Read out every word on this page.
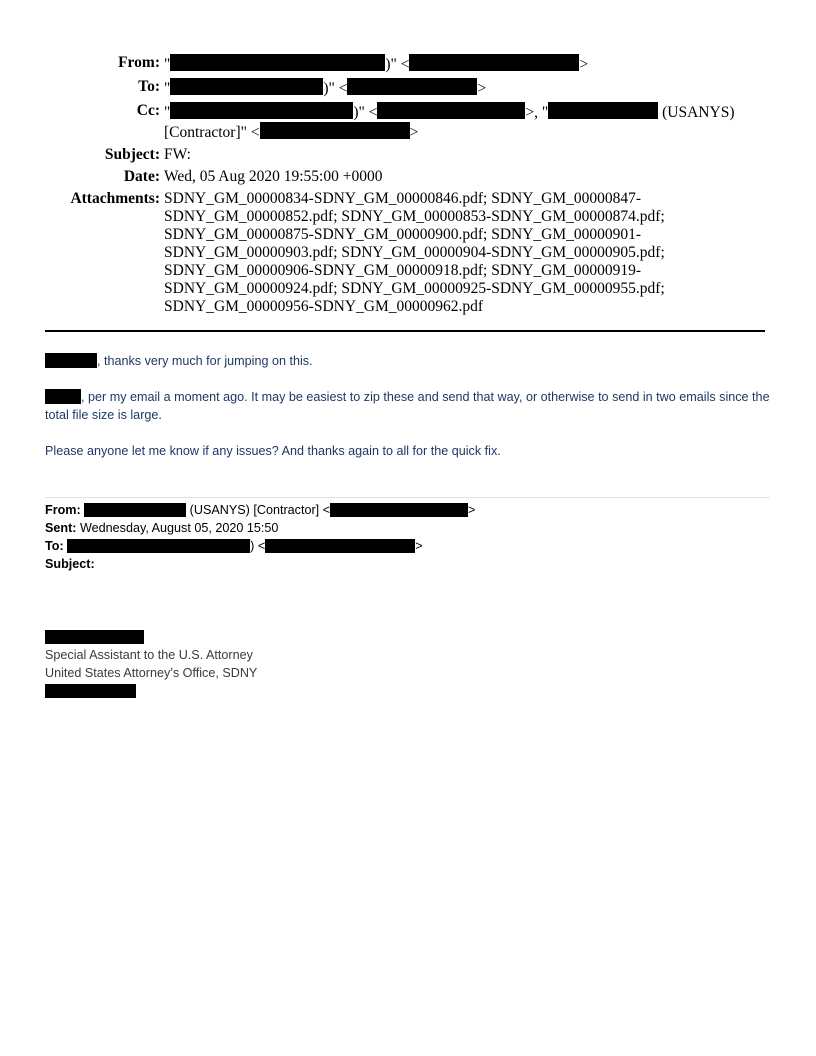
From: "	)" <	>
To: "	)" <	>
Cc: "	)" <	>, "	(USANYS)
[Contractor]" <	>
Subject: FW:
Date: Wed, 05 Aug 2020 19:55:00 +0000
Attachments: SDNY_GM_00000834-SDNY_GM_00000846.pdf; SDNY_GM_00000847-
SDNY_GM_00000852.pdf; SDNY_GM_00000853-SDNY_GM_00000874.pdf;
SDNY_GM_00000875-SDNY_GM_00000900.pdf; SDNY_GM_00000901-
SDNY_GM_00000903.pdf; SDNY_GM_00000904-SDNY_GM_00000905.pdf;
SDNY_GM_00000906-SDNY_GM_00000918.pdf; SDNY_GM_00000919-
SDNY_GM_00000924.pdf; SDNY_GM_00000925-SDNY_GM_00000955.pdf;
SDNY_GM_00000956-SDNY_GM_00000962.pdf

, thanks very much for jumping on this.

, per my email a moment ago. It may be easiest to zip these and send that way, or otherwise to send in two emails since the total file size is large.

Please anyone let me know if any issues? And thanks again to all for the quick fix.

From:	(USANYS) [Contractor] <	>
Sent: Wednesday, August 05, 2020 15:50
To:	) <	>
Subject:
Special Assistant to the U.S. Attorney
United States Attorney’s Office, SDNY
